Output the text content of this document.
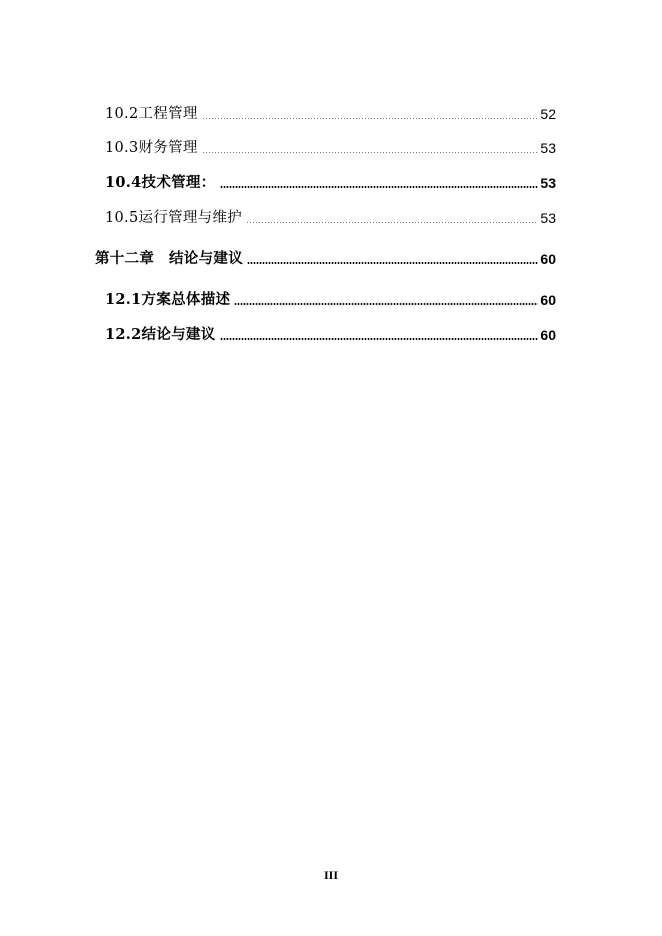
10.2工程管理	52
10.3财务管理	53
10.4技术管理：	53
10.5运行管理与维护	53
第十二章　结论与建议	60
12.1方案总体描述	60
12.2结论与建议	60
III
